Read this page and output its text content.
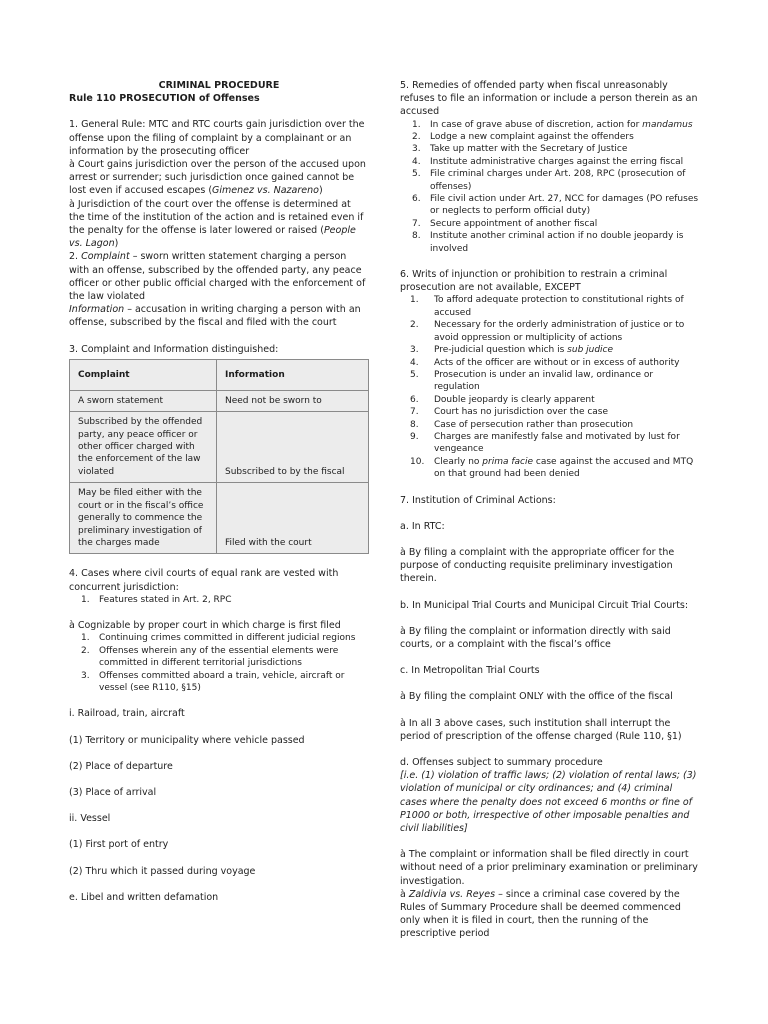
CRIMINAL PROCEDURE

Rule 110 PROSECUTION of Offenses

1. General Rule: MTC and RTC courts gain jurisdiction over the offense upon the filing of complaint by a complainant or an information by the prosecuting officer

à Court gains jurisdiction over the person of the accused upon arrest or surrender; such jurisdiction once gained cannot be lost even if accused escapes (Gimenez vs. Nazareno)

à Jurisdiction of the court over the offense is determined at the time of the institution of the action and is retained even if the penalty for the offense is later lowered or raised (People vs. Lagon)

2. Complaint – sworn written statement charging a person with an offense, subscribed by the offended party, any peace officer or other public official charged with the enforcement of the law violated

Information – accusation in writing charging a person with an offense, subscribed by the fiscal and filed with the court

3. Complaint and Information distinguished:

Complaint	Information
A sworn statement	Need not be sworn to
Subscribed by the offended party, any peace officer or other officer charged with the enforcement of the law violated	Subscribed to by the fiscal
May be filed either with the court or in the fiscal’s office generally to commence the preliminary investigation of the charges made	Filed with the court

4. Cases where civil courts of equal rank are vested with concurrent jurisdiction:

1.	Features stated in Art. 2, RPC

à Cognizable by proper court in which charge is first filed

1.	Continuing crimes committed in different judicial regions
2.	Offenses wherein any of the essential elements were committed in different territorial jurisdictions
3.	Offenses committed aboard a train, vehicle, aircraft or vessel (see R110, §15)

i. Railroad, train, aircraft

(1) Territory or municipality where vehicle passed

(2) Place of departure

(3) Place of arrival

ii. Vessel

(1) First port of entry

(2) Thru which it passed during voyage

e. Libel and written defamation

5. Remedies of offended party when fiscal unreasonably refuses to file an information or include a person therein as an accused

1.	In case of grave abuse of discretion, action for mandamus
2.	Lodge a new complaint against the offenders
3.	Take up matter with the Secretary of Justice
4.	Institute administrative charges against the erring fiscal
5.	File criminal charges under Art. 208, RPC (prosecution of offenses)
6.	File civil action under Art. 27, NCC for damages (PO refuses or neglects to perform official duty)
7.	Secure appointment of another fiscal
8.	Institute another criminal action if no double jeopardy is involved

6. Writs of injunction or prohibition to restrain a criminal prosecution are not available, EXCEPT

1.	To afford adequate protection to constitutional rights of accused
2.	Necessary for the orderly administration of justice or to avoid oppression or multiplicity of actions
3.	Pre-judicial question which is sub judice
4.	Acts of the officer are without or in excess of authority
5.	Prosecution is under an invalid law, ordinance or regulation
6.	Double jeopardy is clearly apparent
7.	Court has no jurisdiction over the case
8.	Case of persecution rather than prosecution
9.	Charges are manifestly false and motivated by lust for vengeance
10. Clearly no prima facie case against the accused and MTQ on that ground had been denied

7. Institution of Criminal Actions:

a. In RTC:

à By filing a complaint with the appropriate officer for the purpose of conducting requisite preliminary investigation therein.

b. In Municipal Trial Courts and Municipal Circuit Trial Courts:

à By filing the complaint or information directly with said courts, or a complaint with the fiscal’s office

c. In Metropolitan Trial Courts

à By filing the complaint ONLY with the office of the fiscal

à In all 3 above cases, such institution shall interrupt the period of prescription of the offense charged (Rule 110, §1)

d. Offenses subject to summary procedure

[i.e. (1) violation of traffic laws; (2) violation of rental laws; (3) violation of municipal or city ordinances; and (4) criminal cases where the penalty does not exceed 6 months or fine of P1000 or both, irrespective of other imposable penalties and civil liabilities]

à The complaint or information shall be filed directly in court without need of a prior preliminary examination or preliminary investigation.

à Zaldivia vs. Reyes – since a criminal case covered by the Rules of Summary Procedure shall be deemed commenced only when it is filed in court, then the running of the prescriptive period
